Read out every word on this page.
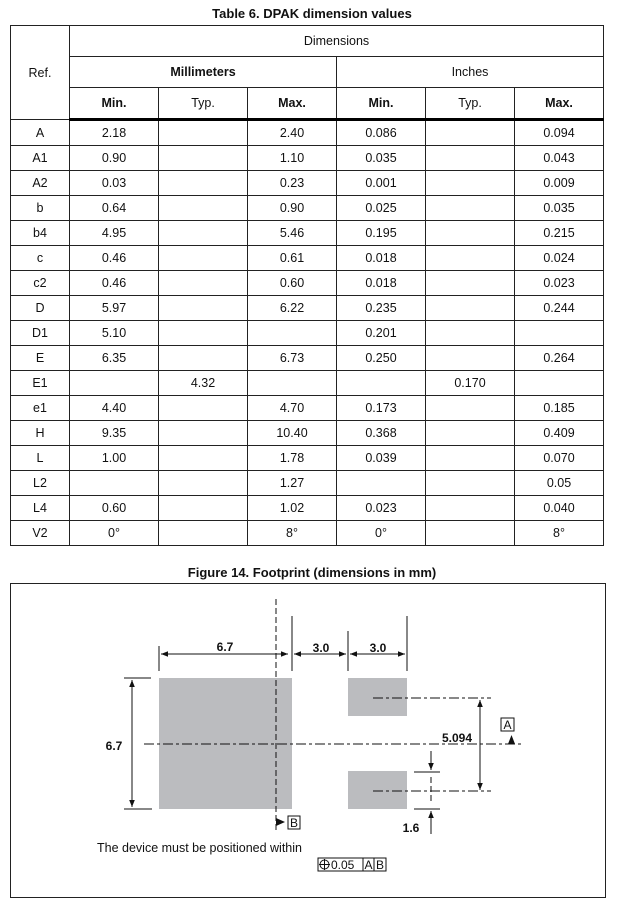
Table 6. DPAK dimension values
Ref.	Dimensions					
	Millimeters			Inches		
	Min.	Typ.	Max.	Min.	Typ.	Max.
A	2.18		2.40	0.086		0.094
A1	0.90		1.10	0.035		0.043
A2	0.03		0.23	0.001		0.009
b	0.64		0.90	0.025		0.035
b4	4.95		5.46	0.195		0.215
c	0.46		0.61	0.018		0.024
c2	0.46		0.60	0.018		0.023
D	5.97		6.22	0.235		0.244
D1	5.10			0.201		
E	6.35		6.73	0.250		0.264
E1		4.32			0.170	
e1	4.40		4.70	0.173		0.185
H	9.35		10.40	0.368		0.409
L	1.00		1.78	0.039		0.070
L2			1.27			0.05
L4	0.60		1.02	0.023		0.040
V2	0°		8°	0°		8°
Figure 14. Footprint (dimensions in mm)
6.7	3.0	3.0
6.7
5.094
1.6
A
B
The device must be positioned within
0.05 A B
